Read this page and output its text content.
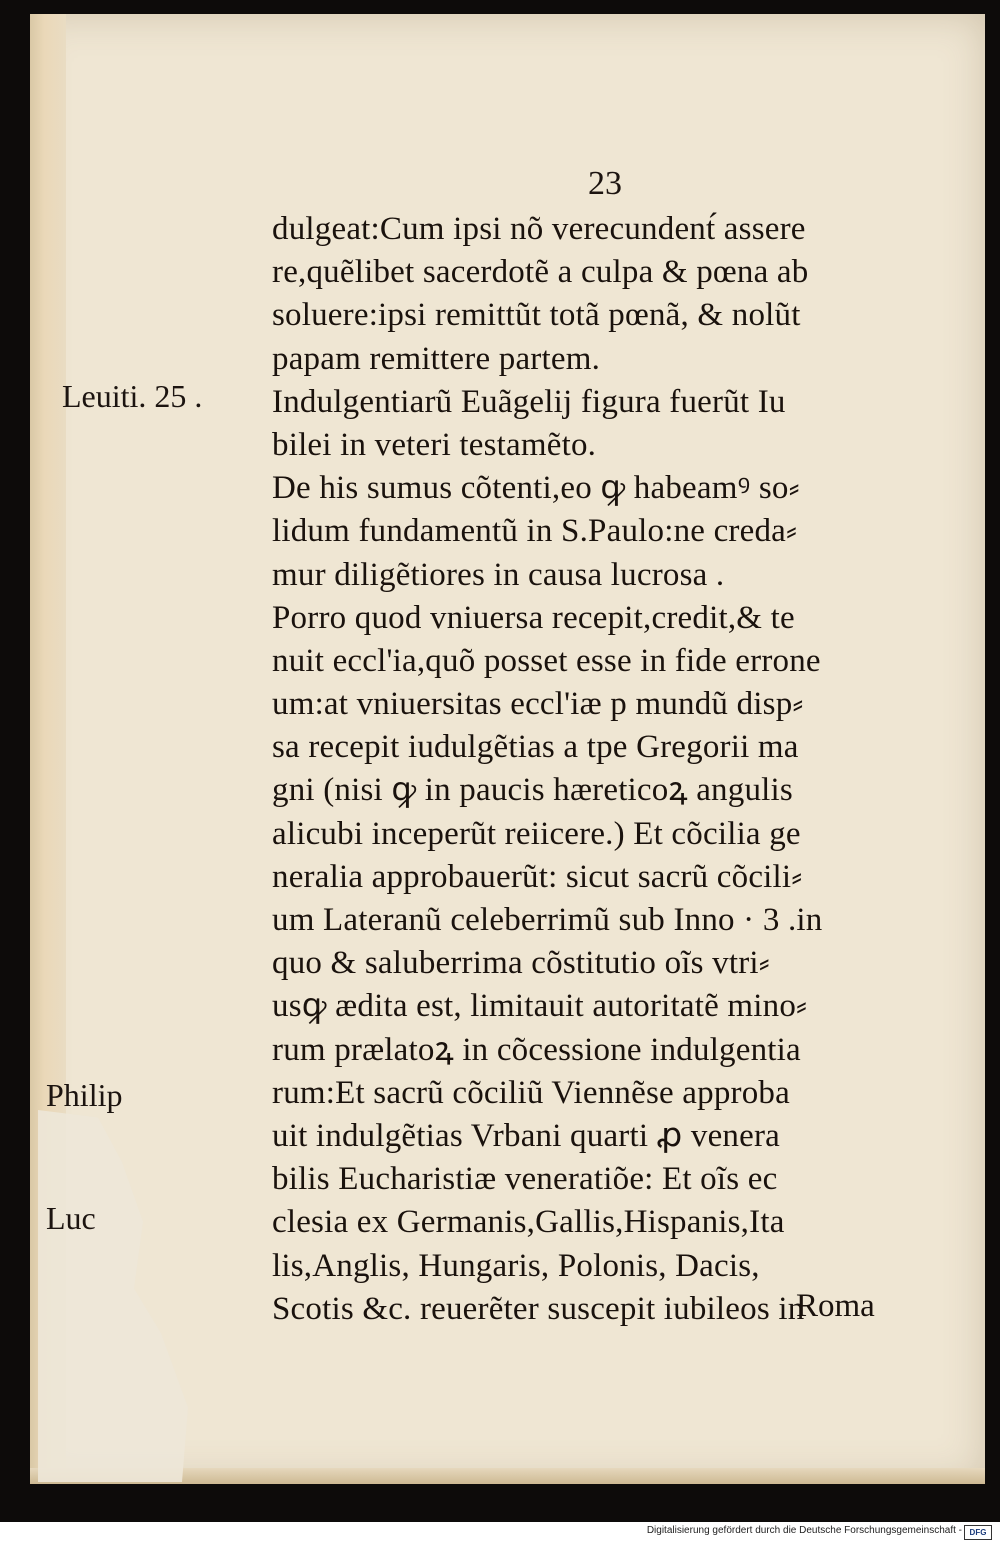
23
Leuiti. 25 .
Philip
Luc
dulgeat:Cum ipsi nõ verecundent́ assere
re,quẽlibet sacerdotẽ a culpa & pœna ab
soluere:ipsi remittũt totã pœnã, & nolũt
papam remittere partem.
Indulgentiarũ Euãgelij figura fuerũt Iu
bilei in veteri testamẽto.
De his sumus cõtenti,eo ꝙ habeamꝰ so⸗
lidum fundamentũ in S.Paulo:ne creda⸗
mur diligẽtiores in causa lucrosa .
Porro quod vniuersa recepit,credit,& te
nuit eccl'ia,quõ posset esse in fide errone
um:at vniuersitas eccl'iæ p mundũ disp⸗
sa recepit iudulgẽtias a tpe Gregorii ma
gni (nisi ꝙ in paucis hæreticoꝝ angulis
alicubi inceperũt reiicere.) Et cõcilia ge
neralia approbauerũt: sicut sacrũ cõcili⸗
um Lateranũ celeberrimũ sub Inno · 3 .in
quo & saluberrima cõstitutio oĩs vtri⸗
usꝙ ædita est, limitauit autoritatẽ mino⸗
rum prælatoꝝ in cõcessione indulgentia
rum:Et sacrũ cõciliũ Viennẽse approba
uit indulgẽtias Vrbani quarti ꝓ venera
bilis Eucharistiæ veneratiõe: Et oĩs ec
clesia ex Germanis,Gallis,Hispanis,Ita
lis,Anglis, Hungaris, Polonis, Dacis,
Scotis &c. reuerẽter suscepit iubileos in
Roma
Digitalisierung gefördert durch die Deutsche Forschungsgemeinschaft - DFG
